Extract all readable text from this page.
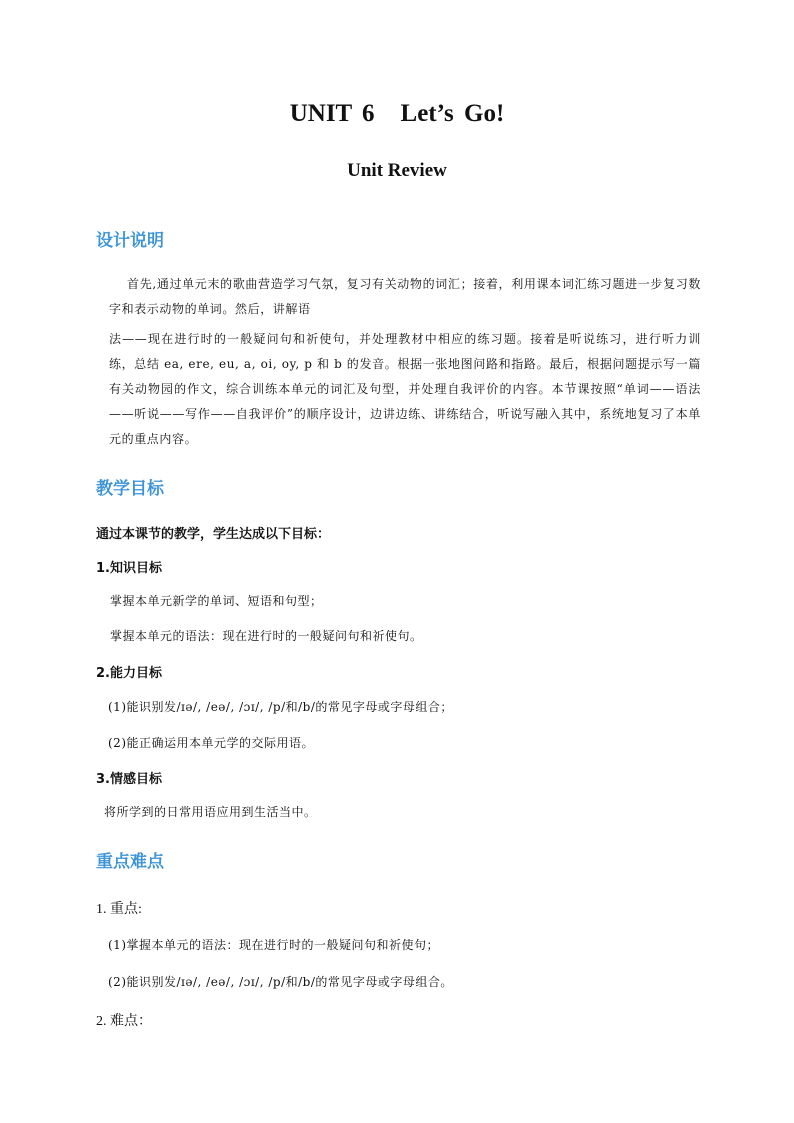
UNIT 6 Let’s Go!
Unit Review
设计说明
首先,通过单元末的歌曲营造学习气氛，复习有关动物的词汇；接着，利用课本词汇练习题进一步复习数字和表示动物的单词。然后，讲解语
法——现在进行时的一般疑问句和祈使句，并处理教材中相应的练习题。接着是听说练习，进行听力训练，总结 ea, ere, eu, a, oi, oy, p 和 b 的发音。根据一张地图问路和指路。最后，根据问题提示写一篇有关动物园的作文，综合训练本单元的词汇及句型，并处理自我评价的内容。本节课按照“单词——语法——听说——写作——自我评价”的顺序设计，边讲边练、讲练结合，听说写融入其中，系统地复习了本单元的重点内容。
教学目标
通过本课节的教学，学生达成以下目标：
1.知识目标
掌握本单元新学的单词、短语和句型；
掌握本单元的语法：现在进行时的一般疑问句和祈使句。
2.能力目标
(1)能识别发/ɪə/, /eə/, /ɔɪ/, /p/和/b/的常见字母或字母组合；
(2)能正确运用本单元学的交际用语。
3.情感目标
将所学到的日常用语应用到生活当中。
重点难点
1. 重点:
(1)掌握本单元的语法：现在进行时的一般疑问句和祈使句；
(2)能识别发/ɪə/, /eə/, /ɔɪ/, /p/和/b/的常见字母或字母组合。
2. 难点：
